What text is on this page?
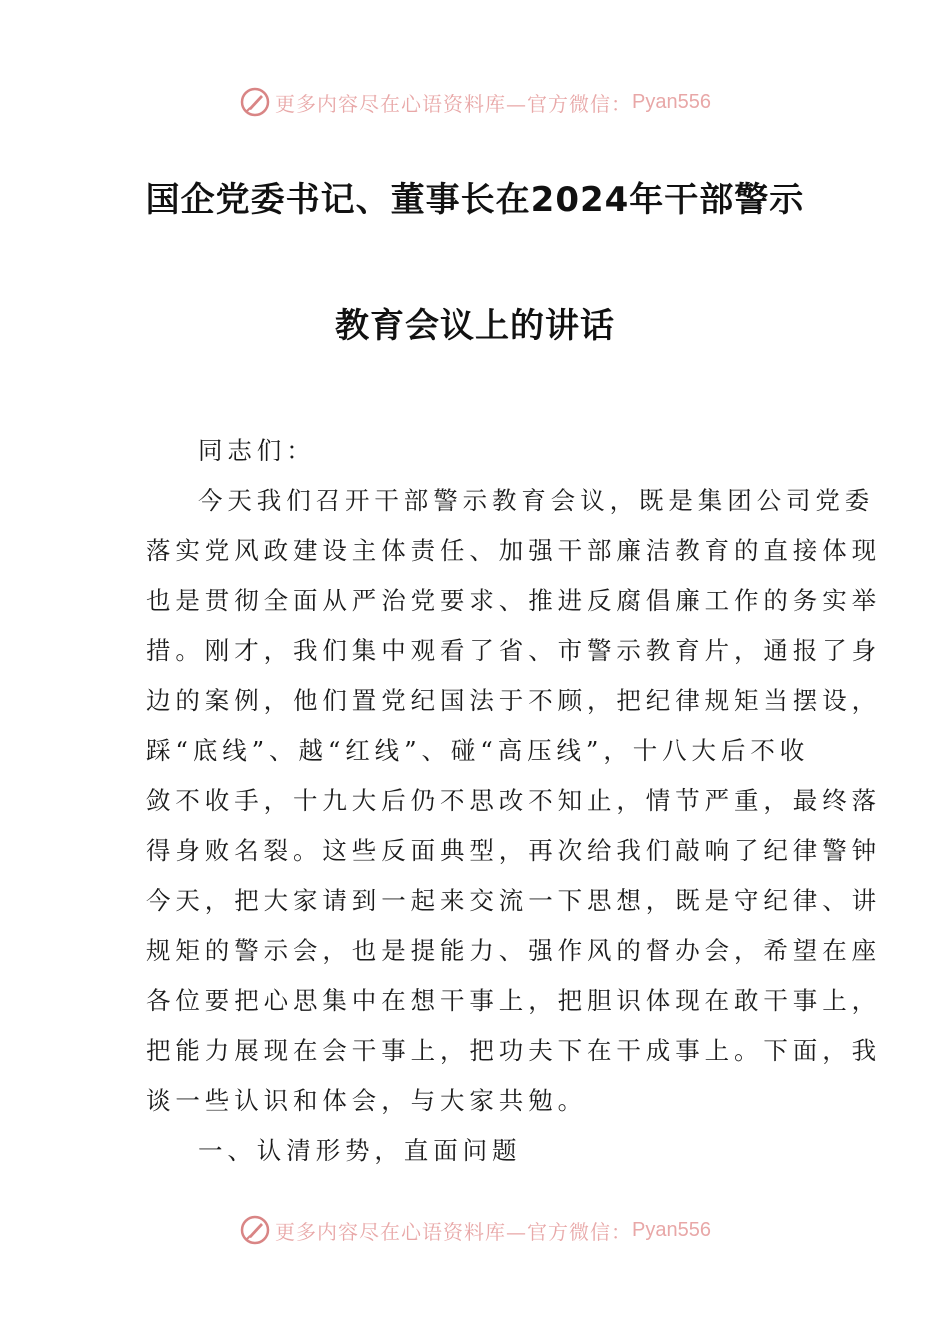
更多内容尽在心语资料库—官方微信： Pyan556
国企党委书记、董事长在2024年干部警示
教育会议上的讲话
同志们：
今天我们召开干部警示教育会议，既是集团公司党委
落实党风政建设主体责任、加强干部廉洁教育的直接体现
也是贯彻全面从严治党要求、推进反腐倡廉工作的务实举
措。刚才，我们集中观看了省、市警示教育片，通报了身
边的案例，他们置党纪国法于不顾，把纪律规矩当摆设，
踩“底线”、越“红线”、碰“高压线”，十八大后不收
敛不收手，十九大后仍不思改不知止，情节严重，最终落
得身败名裂。这些反面典型，再次给我们敲响了纪律警钟
今天，把大家请到一起来交流一下思想，既是守纪律、讲
规矩的警示会，也是提能力、强作风的督办会，希望在座
各位要把心思集中在想干事上，把胆识体现在敢干事上，
把能力展现在会干事上，把功夫下在干成事上。下面，我
谈一些认识和体会，与大家共勉。
一、认清形势，直面问题
更多内容尽在心语资料库—官方微信： Pyan556
